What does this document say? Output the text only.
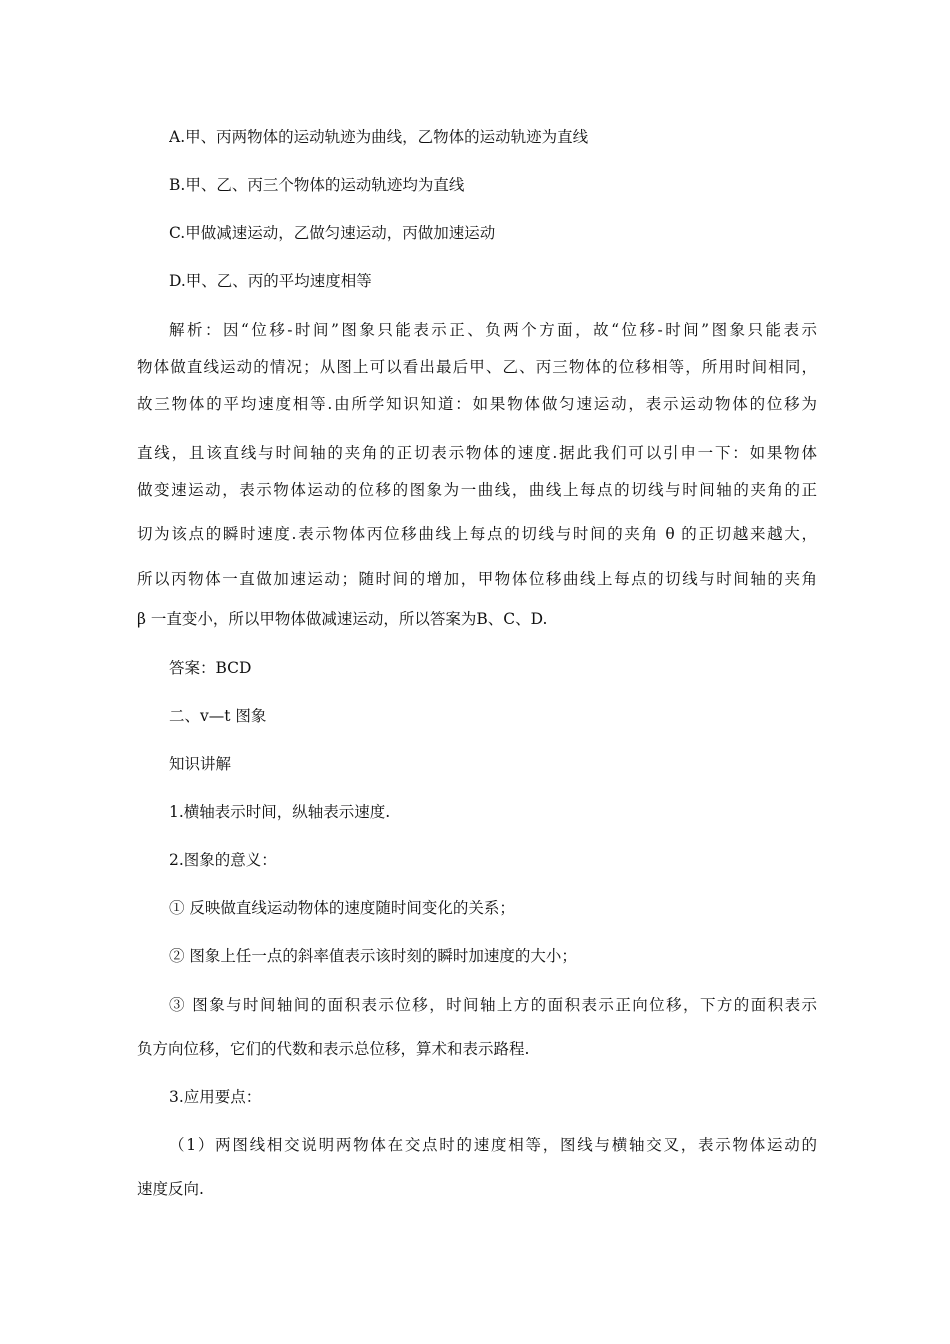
A.甲、丙两物体的运动轨迹为曲线，乙物体的运动轨迹为直线
B.甲、乙、丙三个物体的运动轨迹均为直线
C.甲做减速运动，乙做匀速运动，丙做加速运动
D.甲、乙、丙的平均速度相等
解析：因“位移-时间”图象只能表示正、负两个方面，故“位移-时间”图象只能表示
物体做直线运动的情况；从图上可以看出最后甲、乙、丙三物体的位移相等，所用时间相同，
故三物体的平均速度相等.由所学知识知道：如果物体做匀速运动，表示运动物体的位移为
直线，且该直线与时间轴的夹角的正切表示物体的速度.据此我们可以引申一下：如果物体
做变速运动，表示物体运动的位移的图象为一曲线，曲线上每点的切线与时间轴的夹角的正
切为该点的瞬时速度.表示物体丙位移曲线上每点的切线与时间的夹角 θ 的正切越来越大，
所以丙物体一直做加速运动；随时间的增加，甲物体位移曲线上每点的切线与时间轴的夹角
β 一直变小，所以甲物体做减速运动，所以答案为B、C、D.
答案：BCD
二、v—t 图象
知识讲解
1.横轴表示时间，纵轴表示速度.
2.图象的意义：
① 反映做直线运动物体的速度随时间变化的关系；
② 图象上任一点的斜率值表示该时刻的瞬时加速度的大小；
③ 图象与时间轴间的面积表示位移，时间轴上方的面积表示正向位移，下方的面积表示
负方向位移，它们的代数和表示总位移，算术和表示路程.
3.应用要点：
（1）两图线相交说明两物体在交点时的速度相等，图线与横轴交叉，表示物体运动的
速度反向.
